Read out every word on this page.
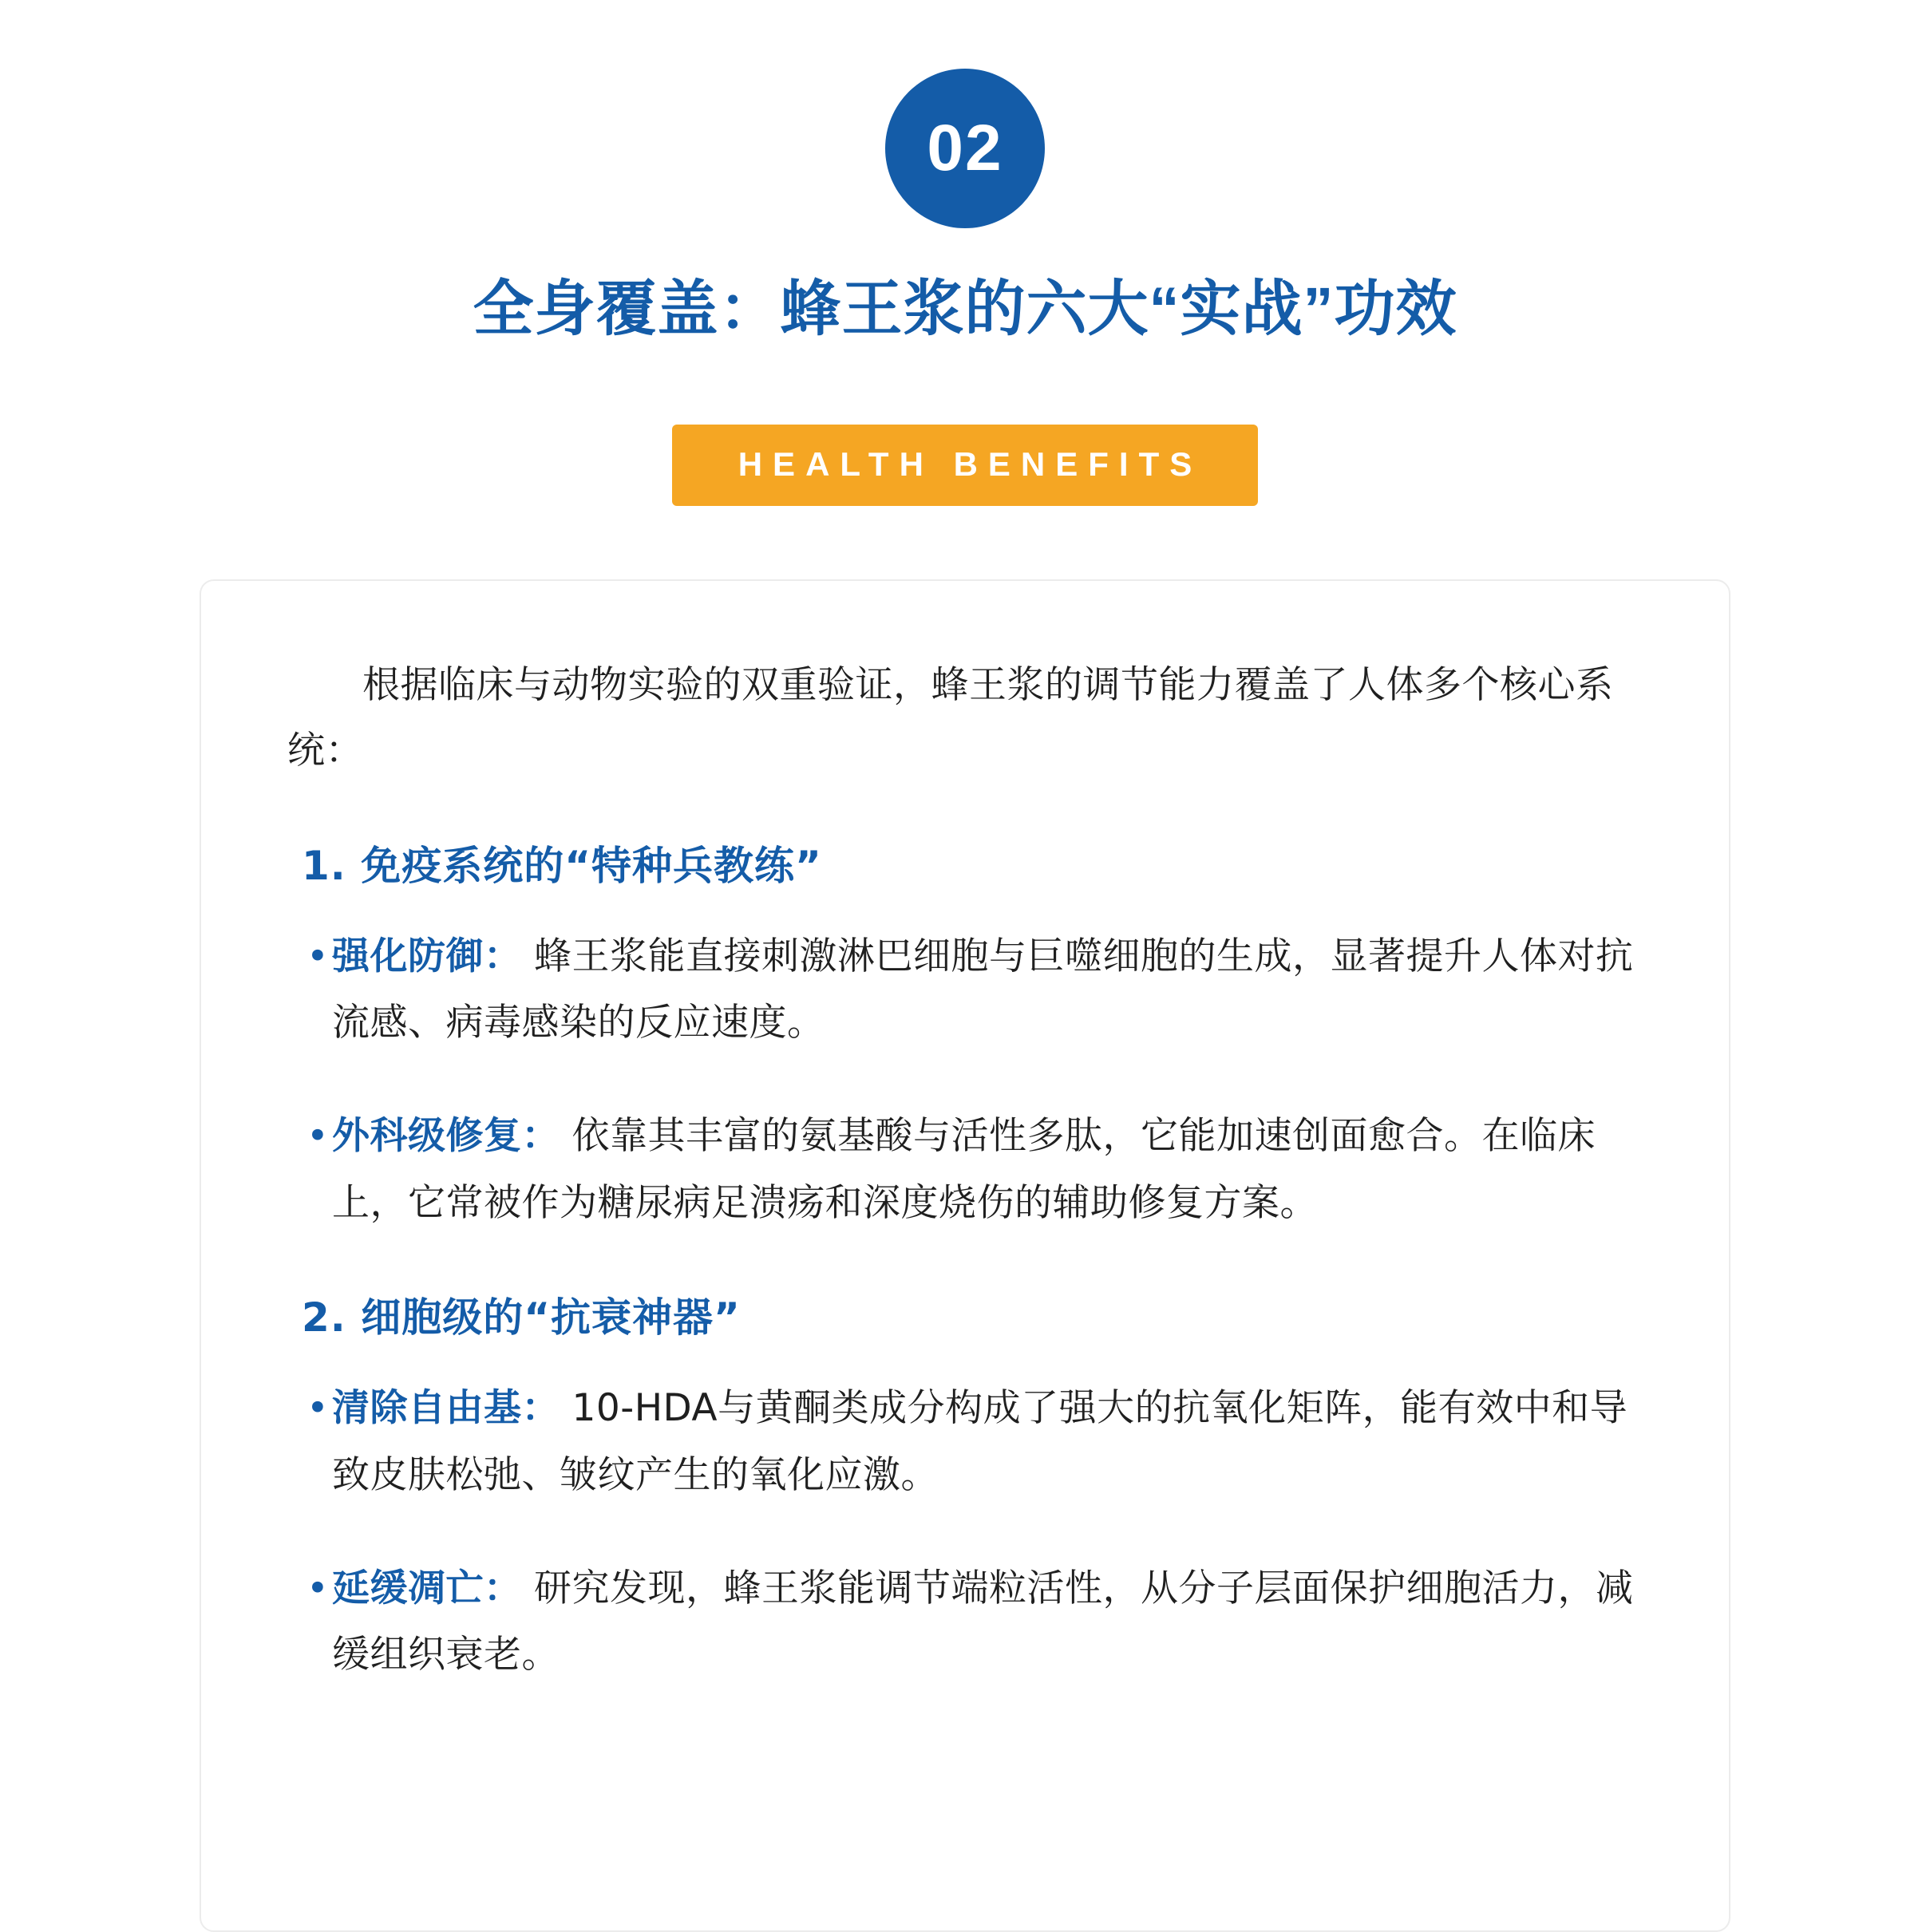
02
全身覆盖：蜂王浆的六大“实战”功效
HEALTH BENEFITS

根据临床与动物实验的双重验证，蜂王浆的调节能力覆盖了人体多个核心系统：

1. 免疫系统的“特种兵教练”

• 强化防御： 蜂王浆能直接刺激淋巴细胞与巨噬细胞的生成，显著提升人体对抗流感、病毒感染的反应速度。

• 外科级修复： 依靠其丰富的氨基酸与活性多肽，它能加速创面愈合。在临床上，它常被作为糖尿病足溃疡和深度烧伤的辅助修复方案。

2. 细胞级的“抗衰神器”

• 清除自由基： 10-HDA与黄酮类成分构成了强大的抗氧化矩阵，能有效中和导致皮肤松弛、皱纹产生的氧化应激。

• 延缓凋亡： 研究发现，蜂王浆能调节端粒活性，从分子层面保护细胞活力，减缓组织衰老。
